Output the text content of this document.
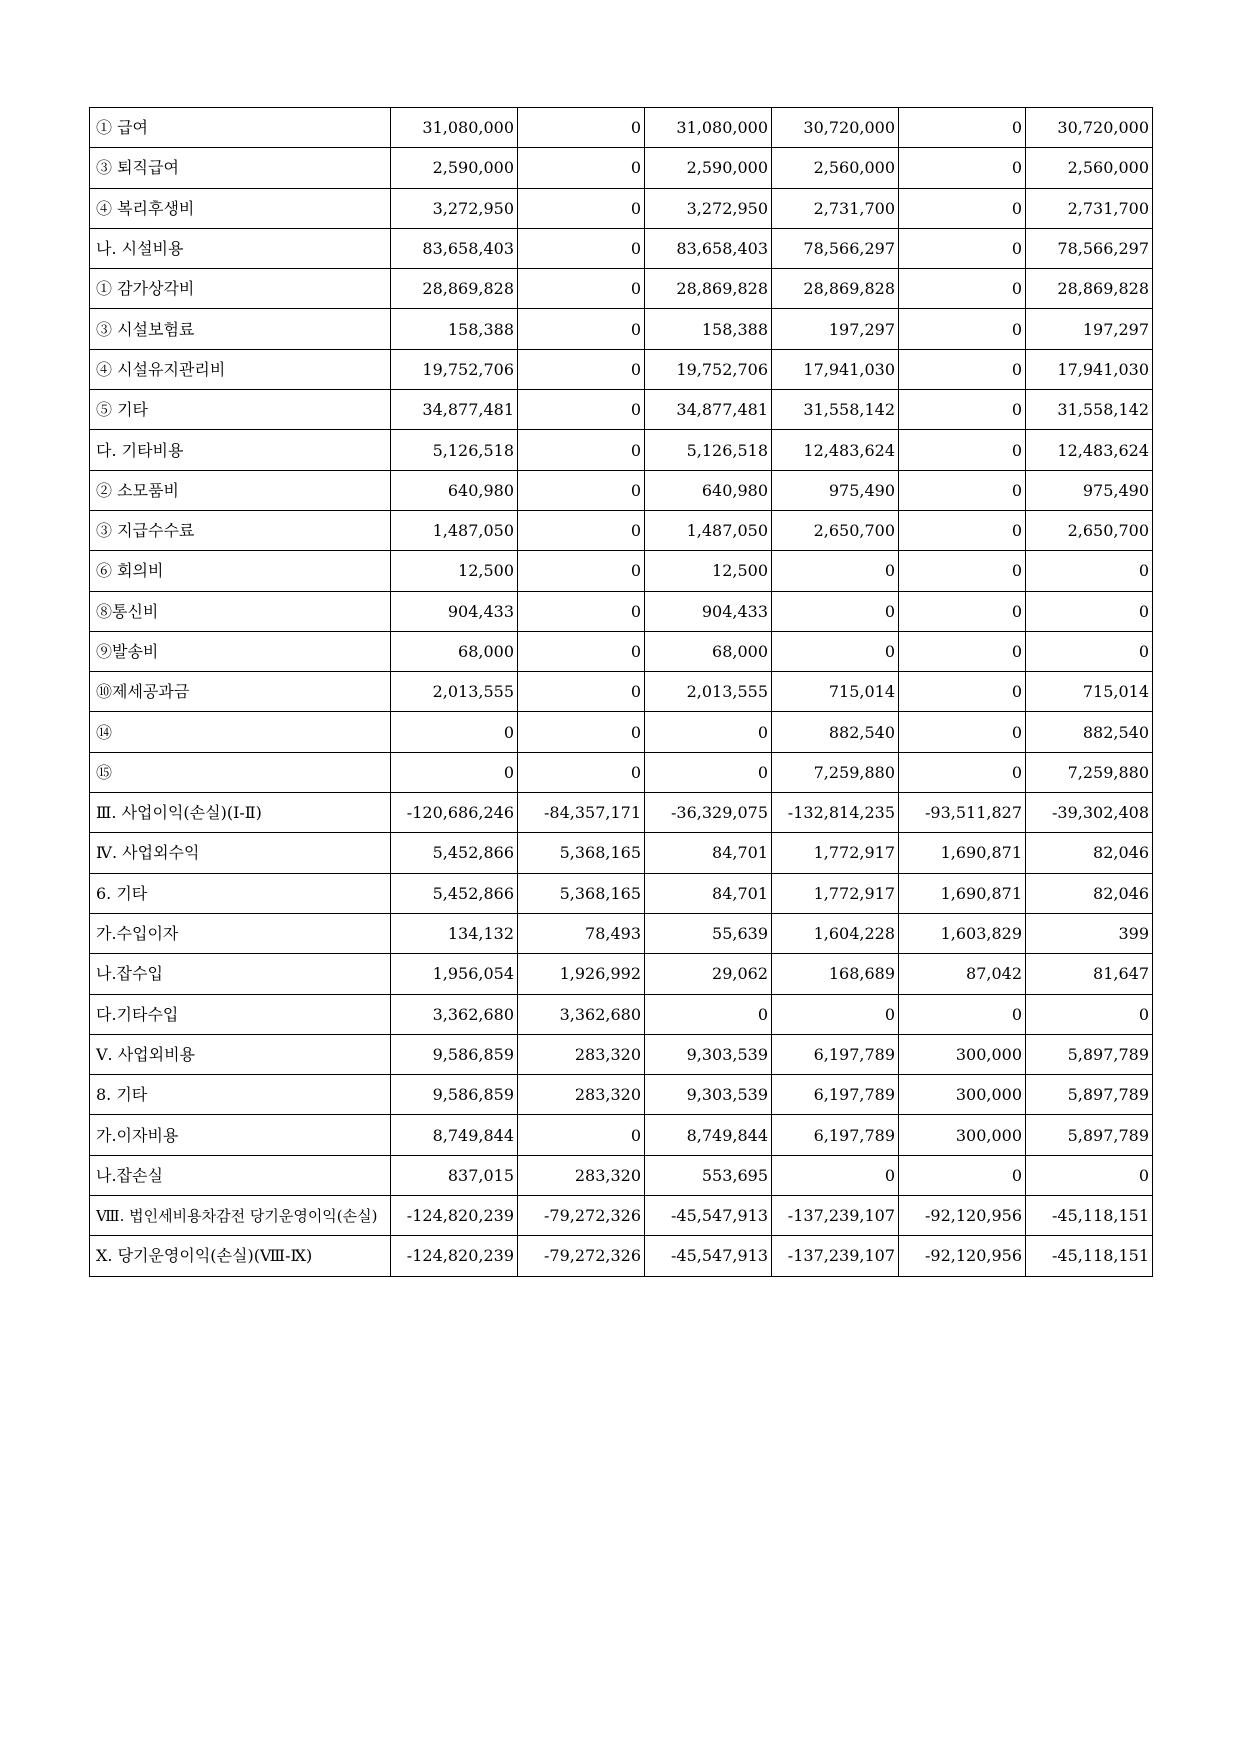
① 급여	31,080,000	0	31,080,000	30,720,000	0	30,720,000
③ 퇴직급여	2,590,000	0	2,590,000	2,560,000	0	2,560,000
④ 복리후생비	3,272,950	0	3,272,950	2,731,700	0	2,731,700
나. 시설비용	83,658,403	0	83,658,403	78,566,297	0	78,566,297
① 감가상각비	28,869,828	0	28,869,828	28,869,828	0	28,869,828
③ 시설보험료	158,388	0	158,388	197,297	0	197,297
④ 시설유지관리비	19,752,706	0	19,752,706	17,941,030	0	17,941,030
⑤ 기타	34,877,481	0	34,877,481	31,558,142	0	31,558,142
다. 기타비용	5,126,518	0	5,126,518	12,483,624	0	12,483,624
② 소모품비	640,980	0	640,980	975,490	0	975,490
③ 지급수수료	1,487,050	0	1,487,050	2,650,700	0	2,650,700
⑥ 회의비	12,500	0	12,500	0	0	0
⑧통신비	904,433	0	904,433	0	0	0
⑨발송비	68,000	0	68,000	0	0	0
⑩제세공과금	2,013,555	0	2,013,555	715,014	0	715,014
⑭	0	0	0	882,540	0	882,540
⑮	0	0	0	7,259,880	0	7,259,880
Ⅲ. 사업이익(손실)(Ⅰ-Ⅱ)	-120,686,246	-84,357,171	-36,329,075	-132,814,235	-93,511,827	-39,302,408
Ⅳ. 사업외수익	5,452,866	5,368,165	84,701	1,772,917	1,690,871	82,046
6. 기타	5,452,866	5,368,165	84,701	1,772,917	1,690,871	82,046
가.수입이자	134,132	78,493	55,639	1,604,228	1,603,829	399
나.잡수입	1,956,054	1,926,992	29,062	168,689	87,042	81,647
다.기타수입	3,362,680	3,362,680	0	0	0	0
Ⅴ. 사업외비용	9,586,859	283,320	9,303,539	6,197,789	300,000	5,897,789
8. 기타	9,586,859	283,320	9,303,539	6,197,789	300,000	5,897,789
가.이자비용	8,749,844	0	8,749,844	6,197,789	300,000	5,897,789
나.잡손실	837,015	283,320	553,695	0	0	0
Ⅷ. 법인세비용차감전 당기운영이익(손실)	-124,820,239	-79,272,326	-45,547,913	-137,239,107	-92,120,956	-45,118,151
Ⅹ. 당기운영이익(손실)(Ⅷ-Ⅸ)	-124,820,239	-79,272,326	-45,547,913	-137,239,107	-92,120,956	-45,118,151
